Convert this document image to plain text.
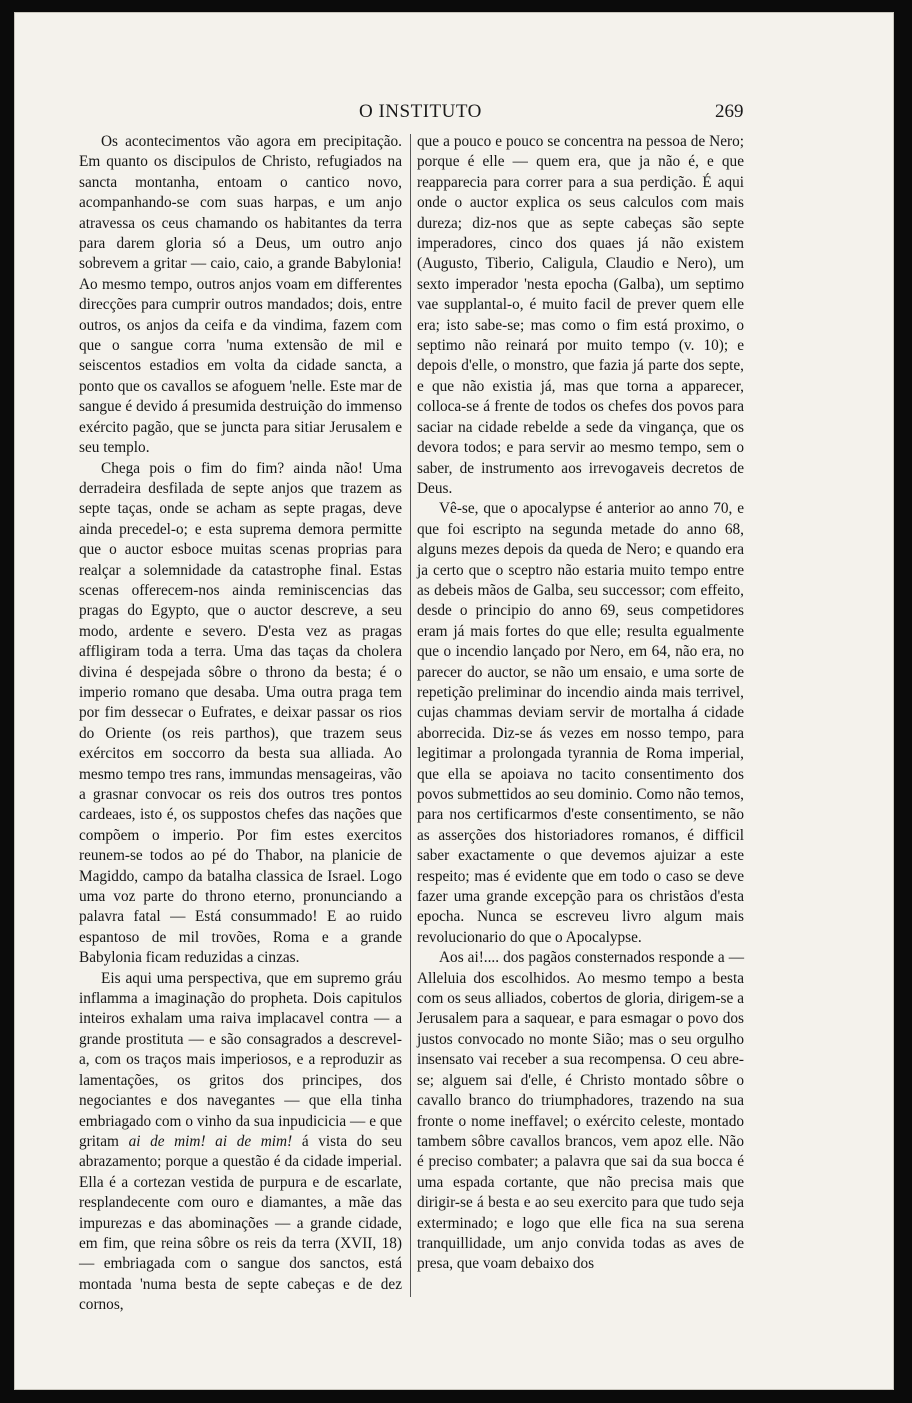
O INSTITUTO	269

Os acontecimentos vão agora em precipitação. Em quanto os discipulos de Christo, refugiados na sancta montanha, entoam o cantico novo, acompanhando-se com suas harpas, e um anjo atravessa os ceus chamando os habitantes da terra para darem gloria só a Deus, um outro anjo sobrevem a gritar — caio, caio, a grande Babylonia! Ao mesmo tempo, outros anjos voam em differentes direcções para cumprir outros mandados; dois, entre outros, os anjos da ceifa e da vindima, fazem com que o sangue corra 'numa extensão de mil e seiscentos estadios em volta da cidade sancta, a ponto que os cavallos se afoguem 'nelle. Este mar de sangue é devido á presumida destruição do immenso exército pagão, que se juncta para sitiar Jerusalem e seu templo.

Chega pois o fim do fim? ainda não! Uma derradeira desfilada de septe anjos que trazem as septe taças, onde se acham as septe pragas, deve ainda precedel-o; e esta suprema demora permitte que o auctor esboce muitas scenas proprias para realçar a solemnidade da catastrophe final. Estas scenas offerecem-nos ainda reminiscencias das pragas do Egypto, que o auctor descreve, a seu modo, ardente e severo. D'esta vez as pragas affligiram toda a terra. Uma das taças da cholera divina é despejada sôbre o throno da besta; é o imperio romano que desaba. Uma outra praga tem por fim dessecar o Eufrates, e deixar passar os rios do Oriente (os reis parthos), que trazem seus exércitos em soccorro da besta sua alliada. Ao mesmo tempo tres rans, immundas mensageiras, vão a grasnar convocar os reis dos outros tres pontos cardeaes, isto é, os suppostos chefes das nações que compõem o imperio. Por fim estes exercitos reunem-se todos ao pé do Thabor, na planicie de Magiddo, campo da batalha classica de Israel. Logo uma voz parte do throno eterno, pronunciando a palavra fatal — Está consummado! E ao ruido espantoso de mil trovões, Roma e a grande Babylonia ficam reduzidas a cinzas.

Eis aqui uma perspectiva, que em supremo gráu inflamma a imaginação do propheta. Dois capitulos inteiros exhalam uma raiva implacavel contra — a grande prostituta — e são consagrados a descrevel-a, com os traços mais imperiosos, e a reproduzir as lamentações, os gritos dos principes, dos negociantes e dos navegantes — que ella tinha embriagado com o vinho da sua inpudicicia — e que gritam ai de mim! ai de mim! á vista do seu abrazamento; porque a questão é da cidade imperial. Ella é a cortezan vestida de purpura e de escarlate, resplandecente com ouro e diamantes, a mãe das impurezas e das abominações — a grande cidade, em fim, que reina sôbre os reis da terra (XVII, 18) — embriagada com o sangue dos sanctos, está montada 'numa besta de septe cabeças e de dez cornos,

que a pouco e pouco se concentra na pessoa de Nero; porque é elle — quem era, que ja não é, e que reapparecia para correr para a sua perdição. É aqui onde o auctor explica os seus calculos com mais dureza; diz-nos que as septe cabeças são septe imperadores, cinco dos quaes já não existem (Augusto, Tiberio, Caligula, Claudio e Nero), um sexto imperador 'nesta epocha (Galba), um septimo vae supplantal-o, é muito facil de prever quem elle era; isto sabe-se; mas como o fim está proximo, o septimo não reinará por muito tempo (v. 10); e depois d'elle, o monstro, que fazia já parte dos septe, e que não existia já, mas que torna a apparecer, colloca-se á frente de todos os chefes dos povos para saciar na cidade rebelde a sede da vingança, que os devora todos; e para servir ao mesmo tempo, sem o saber, de instrumento aos irrevogaveis decretos de Deus.

Vê-se, que o apocalypse é anterior ao anno 70, e que foi escripto na segunda metade do anno 68, alguns mezes depois da queda de Nero; e quando era ja certo que o sceptro não estaria muito tempo entre as debeis mãos de Galba, seu successor; com effeito, desde o principio do anno 69, seus competidores eram já mais fortes do que elle; resulta egualmente que o incendio lançado por Nero, em 64, não era, no parecer do auctor, se não um ensaio, e uma sorte de repetição preliminar do incendio ainda mais terrivel, cujas chammas deviam servir de mortalha á cidade aborrecida. Diz-se ás vezes em nosso tempo, para legitimar a prolongada tyrannia de Roma imperial, que ella se apoiava no tacito consentimento dos povos submettidos ao seu dominio. Como não temos, para nos certificarmos d'este consentimento, se não as asserções dos historiadores romanos, é difficil saber exactamente o que devemos ajuizar a este respeito; mas é evidente que em todo o caso se deve fazer uma grande excepção para os christãos d'esta epocha. Nunca se escreveu livro algum mais revolucionario do que o Apocalypse.

Aos ai!.... dos pagãos consternados responde a — Alleluia dos escolhidos. Ao mesmo tempo a besta com os seus alliados, cobertos de gloria, dirigem-se a Jerusalem para a saquear, e para esmagar o povo dos justos convocado no monte Sião; mas o seu orgulho insensato vai receber a sua recompensa. O ceu abre-se; alguem sai d'elle, é Christo montado sôbre o cavallo branco do triumphadores, trazendo na sua fronte o nome ineffavel; o exército celeste, montado tambem sôbre cavallos brancos, vem apoz elle. Não é preciso combater; a palavra que sai da sua bocca é uma espada cortante, que não precisa mais que dirigir-se á besta e ao seu exercito para que tudo seja exterminado; e logo que elle fica na sua serena tranquillidade, um anjo convida todas as aves de presa, que voam debaixo dos
